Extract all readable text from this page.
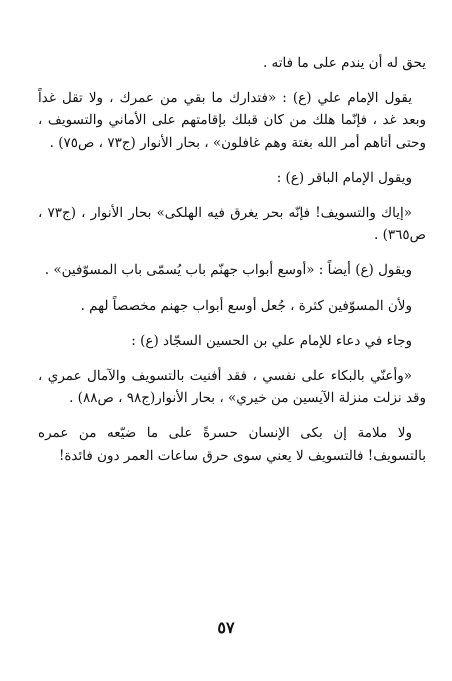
يحق له أن يندم على ما فاته .

يقول الإمام علي (ع) : «فتدارك ما بقي من عمرك ، ولا تقل غداً وبعد غد ، فإنّما هلك من كان قبلك بإقامتهم على الأماني والتسويف ، وحتى أتاهم أمر الله بغتة وهم غافلون» ، بحار الأنوار (ج٧٣ ، ص٧٥) .

ويقول الإمام الباقر (ع) :

«إياك والتسويف! فإنّه بحر يغرق فيه الهلكى» بحار الأنوار ، (ج٧٣ ، ص٣٦٥) .

ويقول (ع) أيضاً : «أوسع أبواب جهنّم باب يُسمّى باب المسوّفين» .

ولأن المسوّفين كثرة ، جُعل أوسع أبواب جهنم مخصصاً لهم .

وجاء في دعاء للإمام علي بن الحسين السجّاد (ع) :

«وأعنّي بالبكاء على نفسي ، فقد أفنيت بالتسويف والآمال عمري ، وقد نزلت منزلة الآيسين من خيري» ، بحار الأنوار(ج٩٨ ، ص٨٨) .

ولا ملامة إن بكى الإنسان حسرةً على ما ضيّعه من عمره بالتسويف! فالتسويف لا يعني سوى حرق ساعات العمر دون فائدة!

٥٧
